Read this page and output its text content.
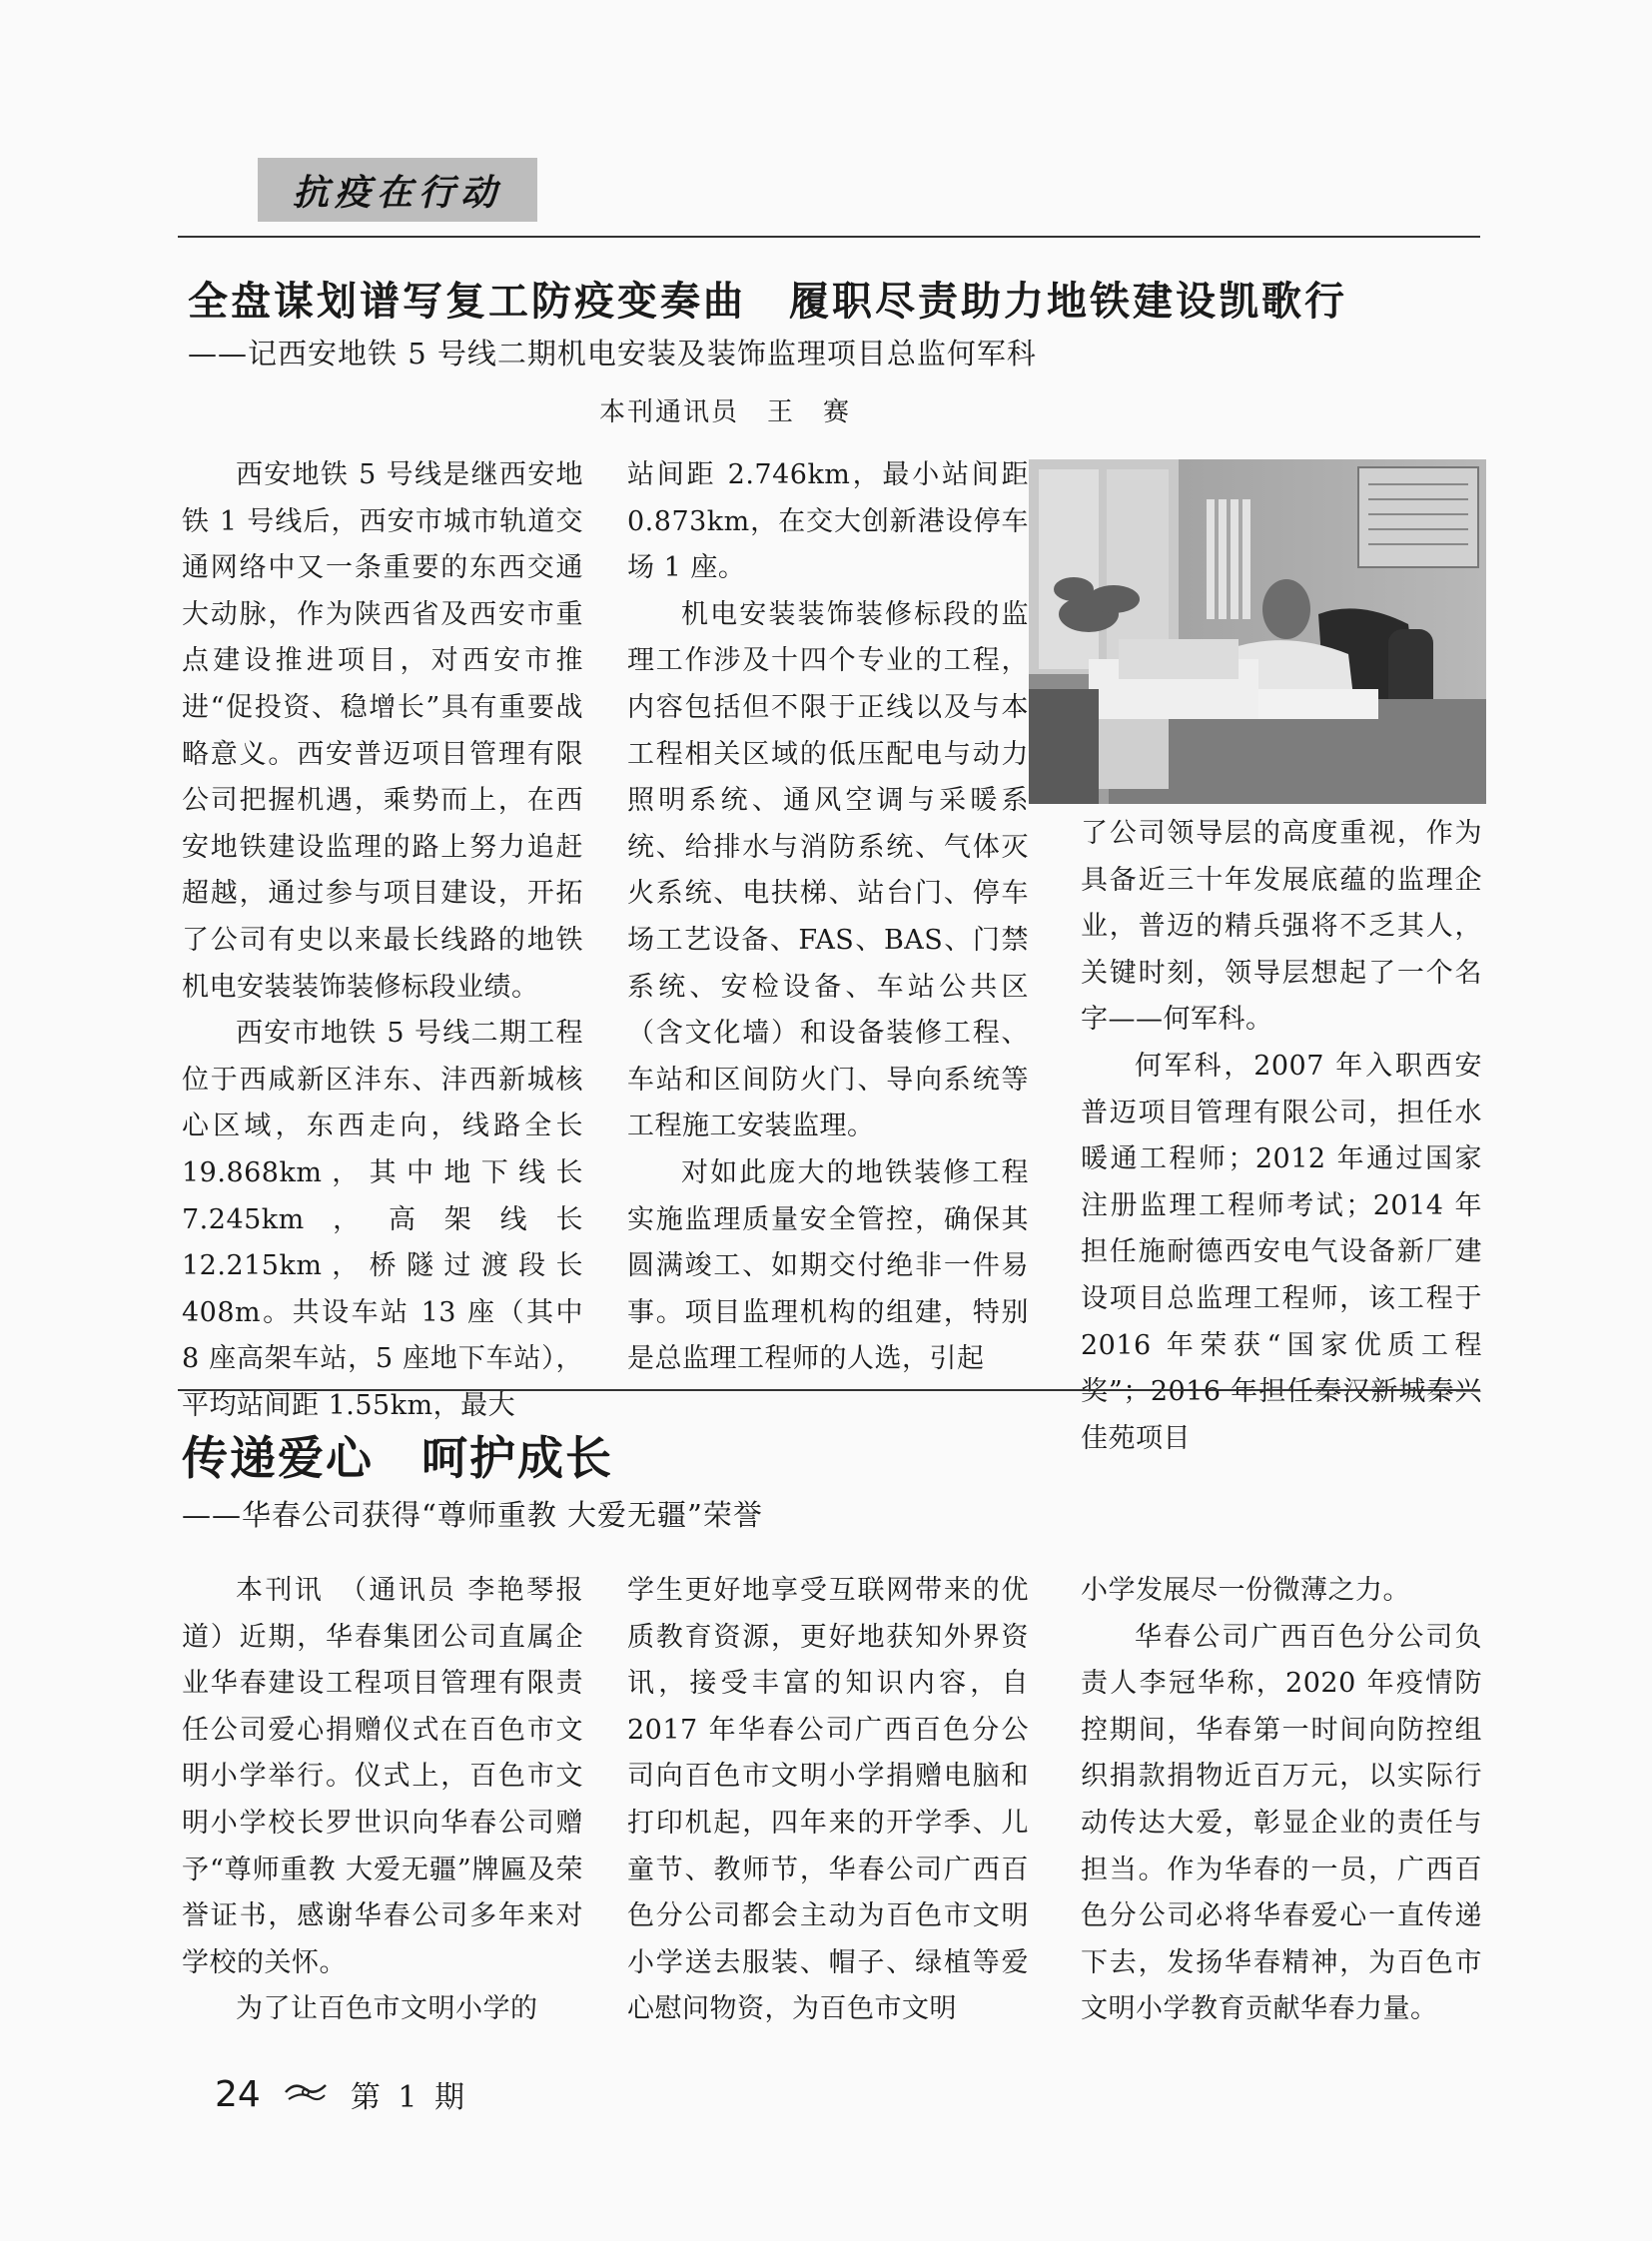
抗疫在行动
全盘谋划谱写复工防疫变奏曲　履职尽责助力地铁建设凯歌行
——记西安地铁 5 号线二期机电安装及装饰监理项目总监何军科
本刊通讯员　王　赛

西安地铁 5 号线是继西安地铁 1 号线后，西安市城市轨道交通网络中又一条重要的东西交通大动脉，作为陕西省及西安市重点建设推进项目，对西安市推进“促投资、稳增长”具有重要战略意义。西安普迈项目管理有限公司把握机遇，乘势而上，在西安地铁建设监理的路上努力追赶超越，通过参与项目建设，开拓了公司有史以来最长线路的地铁机电安装装饰装修标段业绩。

西安市地铁 5 号线二期工程位于西咸新区沣东、沣西新城核心区域，东西走向，线路全长 19.868km，其中地下线长 7.245km，高架线长 12.215km，桥隧过渡段长 408m。共设车站 13 座（其中 8 座高架车站，5 座地下车站），平均站间距 1.55km，最大

站间距 2.746km，最小站间距 0.873km，在交大创新港设停车场 1 座。

机电安装装饰装修标段的监理工作涉及十四个专业的工程，内容包括但不限于正线以及与本工程相关区域的低压配电与动力照明系统、通风空调与采暖系统、给排水与消防系统、气体灭火系统、电扶梯、站台门、停车场工艺设备、FAS、BAS、门禁系统、安检设备、车站公共区（含文化墙）和设备装修工程、车站和区间防火门、导向系统等工程施工安装监理。

对如此庞大的地铁装修工程实施监理质量安全管控，确保其圆满竣工、如期交付绝非一件易事。项目监理机构的组建，特别是总监理工程师的人选，引起

了公司领导层的高度重视，作为具备近三十年发展底蕴的监理企业，普迈的精兵强将不乏其人，关键时刻，领导层想起了一个名字——何军科。

何军科，2007 年入职西安普迈项目管理有限公司，担任水暖通工程师；2012 年通过国家注册监理工程师考试；2014 年担任施耐德西安电气设备新厂建设项目总监理工程师，该工程于 2016 年荣获“国家优质工程奖”；2016 年担任秦汉新城秦兴佳苑项目

传递爱心　呵护成长
——华春公司获得“尊师重教 大爱无疆”荣誉

本刊讯　（通讯员 李艳琴报道）近期，华春集团公司直属企业华春建设工程项目管理有限责任公司爱心捐赠仪式在百色市文明小学举行。仪式上，百色市文明小学校长罗世识向华春公司赠予“尊师重教 大爱无疆”牌匾及荣誉证书，感谢华春公司多年来对学校的关怀。

为了让百色市文明小学的

学生更好地享受互联网带来的优质教育资源，更好地获知外界资讯，接受丰富的知识内容，自 2017 年华春公司广西百色分公司向百色市文明小学捐赠电脑和打印机起，四年来的开学季、儿童节、教师节，华春公司广西百色分公司都会主动为百色市文明小学送去服装、帽子、绿植等爱心慰问物资，为百色市文明

小学发展尽一份微薄之力。

华春公司广西百色分公司负责人李冠华称，2020 年疫情防控期间，华春第一时间向防控组织捐款捐物近百万元，以实际行动传达大爱，彰显企业的责任与担当。作为华春的一员，广西百色分公司必将华春爱心一直传递下去，发扬华春精神，为百色市文明小学教育贡献华春力量。

24	第 1 期
